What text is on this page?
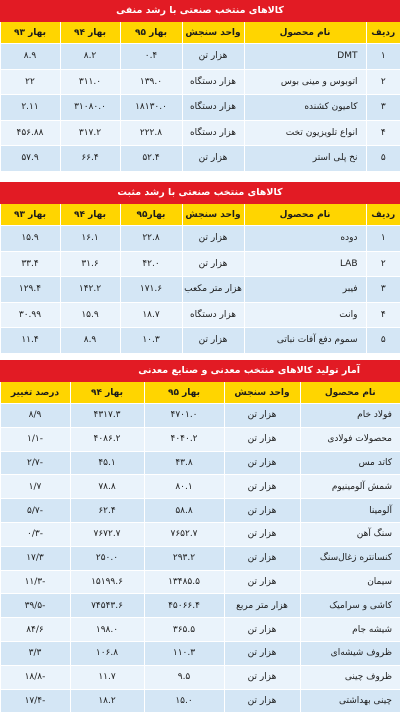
کالاهای منتخب صنعتی با رشد منفی
ردیف	نام محصول	واحد سنجش	بهار ۹۵	بهار ۹۴	بهار ۹۳
۱	DMT	هزار تن	۰.۴	۸.۲	۸.۹
۲	اتوبوس و مینی بوس	هزار دستگاه	۱۳۹.۰	۳۱۱.۰	۲۲
۳	کامیون کشنده	هزار دستگاه	۱۸۱۳۰.۰	۳۱۰۸۰.۰	۲.۱۱
۴	انواع تلویزیون تخت	هزار دستگاه	۲۲۲.۸	۳۱۷.۲	۴۵۶.۸۸
۵	نخ پلی استر	هزار تن	۵۲.۴	۶۶.۴	۵۷.۹
کالاهای منتخب صنعتی با رشد مثبت
ردیف	نام محصول	واحد سنجش	بهار۹۵	بهار ۹۴	بهار ۹۳
۱	دوده	هزار تن	۲۲.۸	۱۶.۱	۱۵.۹
۲	LAB	هزار تن	۴۲.۰	۳۱.۶	۳۳.۴
۳	فیبر	هزار متر مکعب	۱۷۱.۶	۱۴۲.۲	۱۲۹.۴
۴	وانت	هزار دستگاه	۱۸.۷	۱۵.۹	۳۰.۹۹
۵	سموم دفع آفات نباتی	هزار تن	۱۰.۳	۸.۹	۱۱.۴
آمار تولید کالاهای منتخب معدنی و صنایع معدنی
نام محصول	واحد سنجش	بهار ۹۵	بهار ۹۴	درصد تغییر
فولاد خام	هزار تن	۴۷۰۱.۰	۴۳۱۷.۳	۸/۹
محصولات فولادی	هزار تن	۴۰۴۰.۲	۴۰۸۶.۲	-۱/۱
کاتد مس	هزار تن	۴۳.۸	۴۵.۱	-۲/۷
شمش آلومینیوم	هزار تن	۸۰.۱	۷۸.۸	۱/۷
آلومینا	هزار تن	۵۸.۸	۶۲.۴	-۵/۷
سنگ آهن	هزار تن	۷۶۵۲.۷	۷۶۷۲.۷	-۰/۳
کنسانتره زغال‌سنگ	هزار تن	۲۹۳.۲	۲۵۰.۰	۱۷/۳
سیمان	هزار تن	۱۳۴۸۵.۵	۱۵۱۹۹.۶	-۱۱/۳
کاشی و سرامیک	هزار متر مربع	۴۵۰۶۶.۴	۷۴۵۴۳.۶	-۳۹/۵
شیشه جام	هزار تن	۳۶۵.۵	۱۹۸.۰	۸۴/۶
ظروف شیشه‌ای	هزار تن	۱۱۰.۳	۱۰۶.۸	۳/۳
ظروف چینی	هزار تن	۹.۵	۱۱.۷	-۱۸/۸
چینی بهداشتی	هزار تن	۱۵.۰	۱۸.۲	-۱۷/۴
